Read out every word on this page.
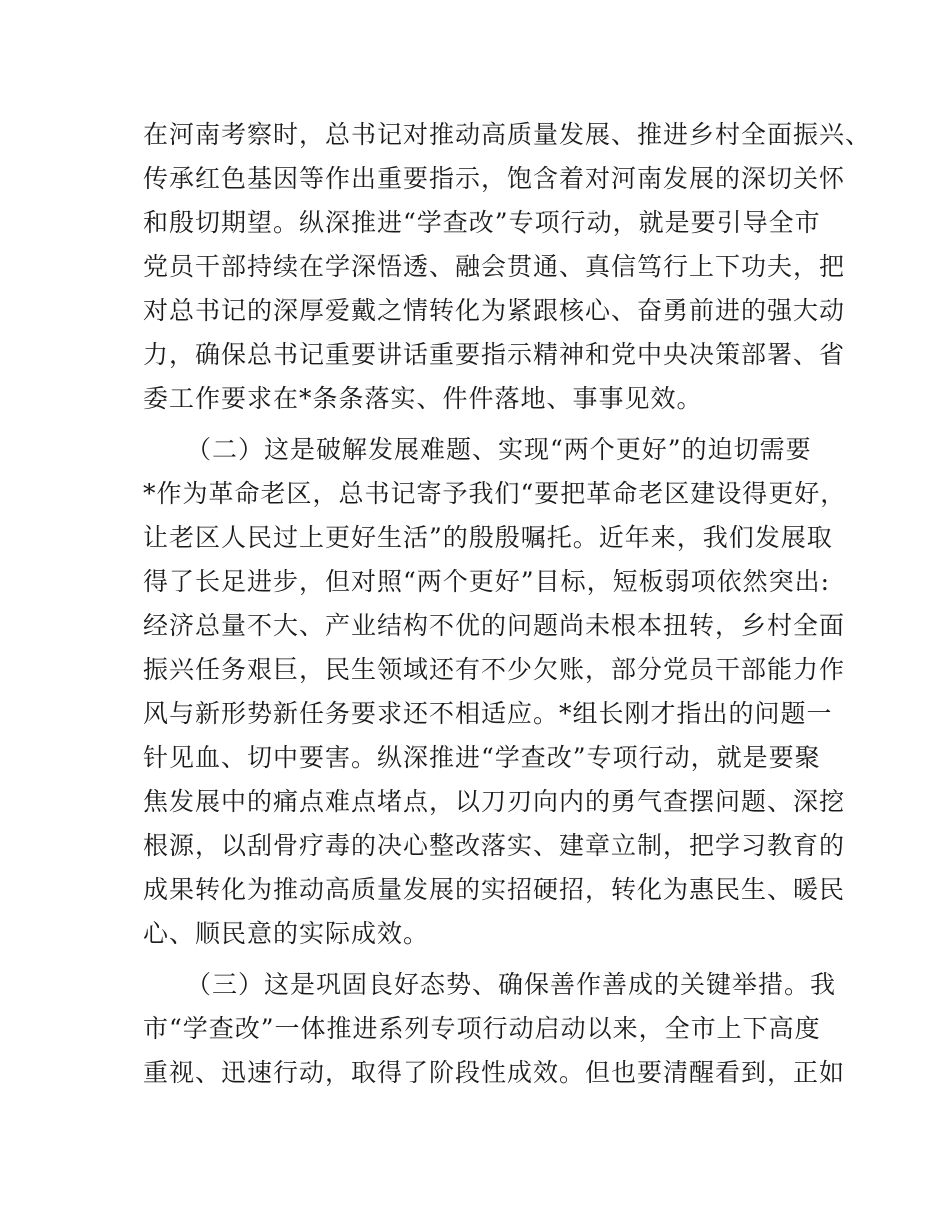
在河南考察时，总书记对推动高质量发展、推进乡村全面振兴、
传承红色基因等作出重要指示，饱含着对河南发展的深切关怀
和殷切期望。纵深推进“学查改”专项行动，就是要引导全市
党员干部持续在学深悟透、融会贯通、真信笃行上下功夫，把
对总书记的深厚爱戴之情转化为紧跟核心、奋勇前进的强大动
力，确保总书记重要讲话重要指示精神和党中央决策部署、省
委工作要求在*条条落实、件件落地、事事见效。
（二）这是破解发展难题、实现“两个更好”的迫切需要
*作为革命老区，总书记寄予我们“要把革命老区建设得更好，
让老区人民过上更好生活”的殷殷嘱托。近年来，我们发展取
得了长足进步，但对照“两个更好”目标，短板弱项依然突出:
经济总量不大、产业结构不优的问题尚未根本扭转，乡村全面
振兴任务艰巨，民生领域还有不少欠账，部分党员干部能力作
风与新形势新任务要求还不相适应。*组长刚才指出的问题一
针见血、切中要害。纵深推进“学查改”专项行动，就是要聚
焦发展中的痛点难点堵点，以刀刃向内的勇气查摆问题、深挖
根源，以刮骨疗毒的决心整改落实、建章立制，把学习教育的
成果转化为推动高质量发展的实招硬招，转化为惠民生、暖民
心、顺民意的实际成效。
（三）这是巩固良好态势、确保善作善成的关键举措。我
市“学查改”一体推进系列专项行动启动以来，全市上下高度
重视、迅速行动，取得了阶段性成效。但也要清醒看到，正如
